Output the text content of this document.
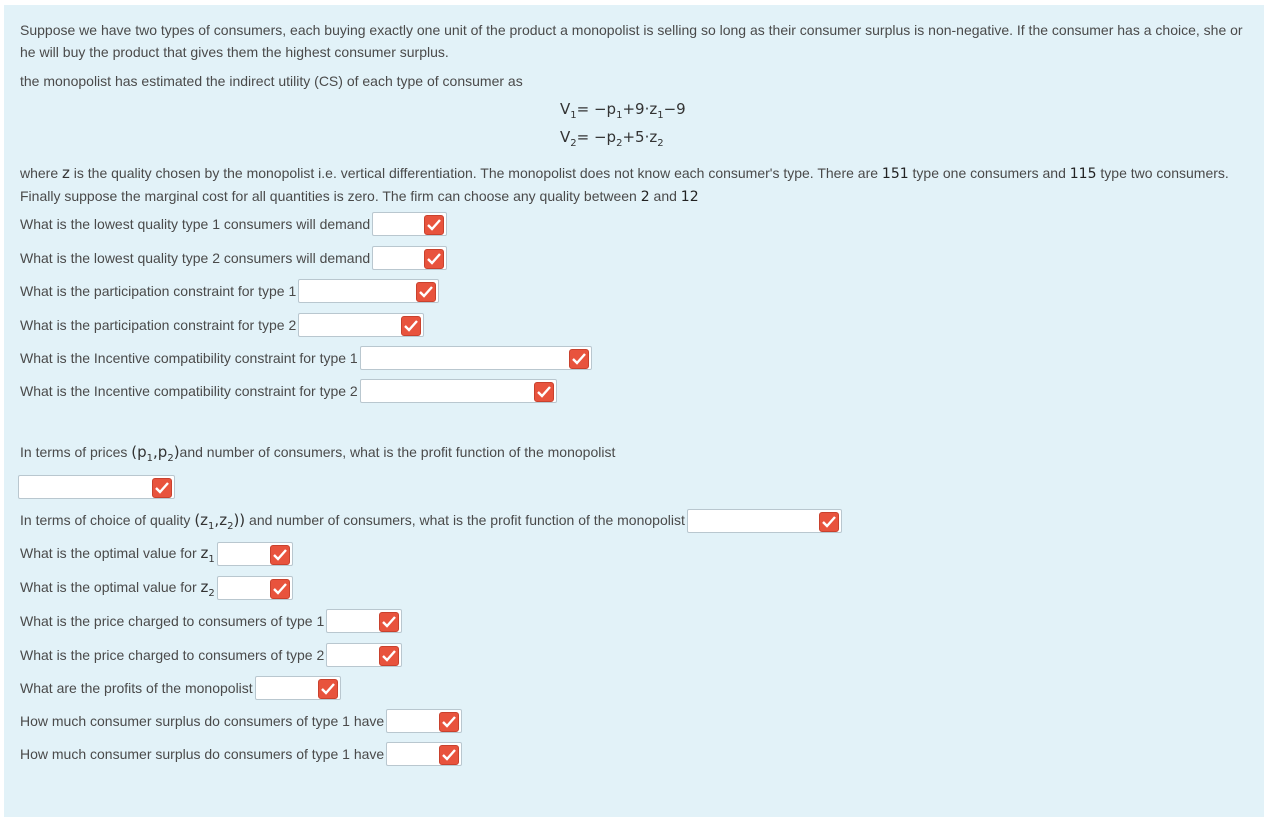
Suppose we have two types of consumers, each buying exactly one unit of the product a monopolist is selling so long as their consumer surplus is non-negative. If the consumer has a choice, she or he will buy the product that gives them the highest consumer surplus.
the monopolist has estimated the indirect utility (CS) of each type of consumer as
$V_1= -p_1+9\cdot z_1-9$
$V_2= -p_2+5\cdot z_2$
where z is the quality chosen by the monopolist i.e. vertical differentiation. The monopolist does not know each consumer's type. There are 151 type one consumers and 115 type two consumers. Finally suppose the marginal cost for all quantities is zero. The firm can choose any quality between 2 and 12
What is the lowest quality type 1 consumers will demand
What is the lowest quality type 2 consumers will demand
What is the participation constraint for type 1
What is the participation constraint for type 2
What is the Incentive compatibility constraint for type 1
What is the Incentive compatibility constraint for type 2
In terms of prices $(p_1,p_2)and$ number of consumers, what is the profit function of the monopolist
In terms of choice of quality $(z_1,z_2)$) and number of consumers, what is the profit function of the monopolist
What is the optimal value for $z_1$
What is the optimal value for $z_2$
What is the price charged to consumers of type 1
What is the price charged to consumers of type 2
What are the profits of the monopolist
How much consumer surplus do consumers of type 1 have
How much consumer surplus do consumers of type 1 have
